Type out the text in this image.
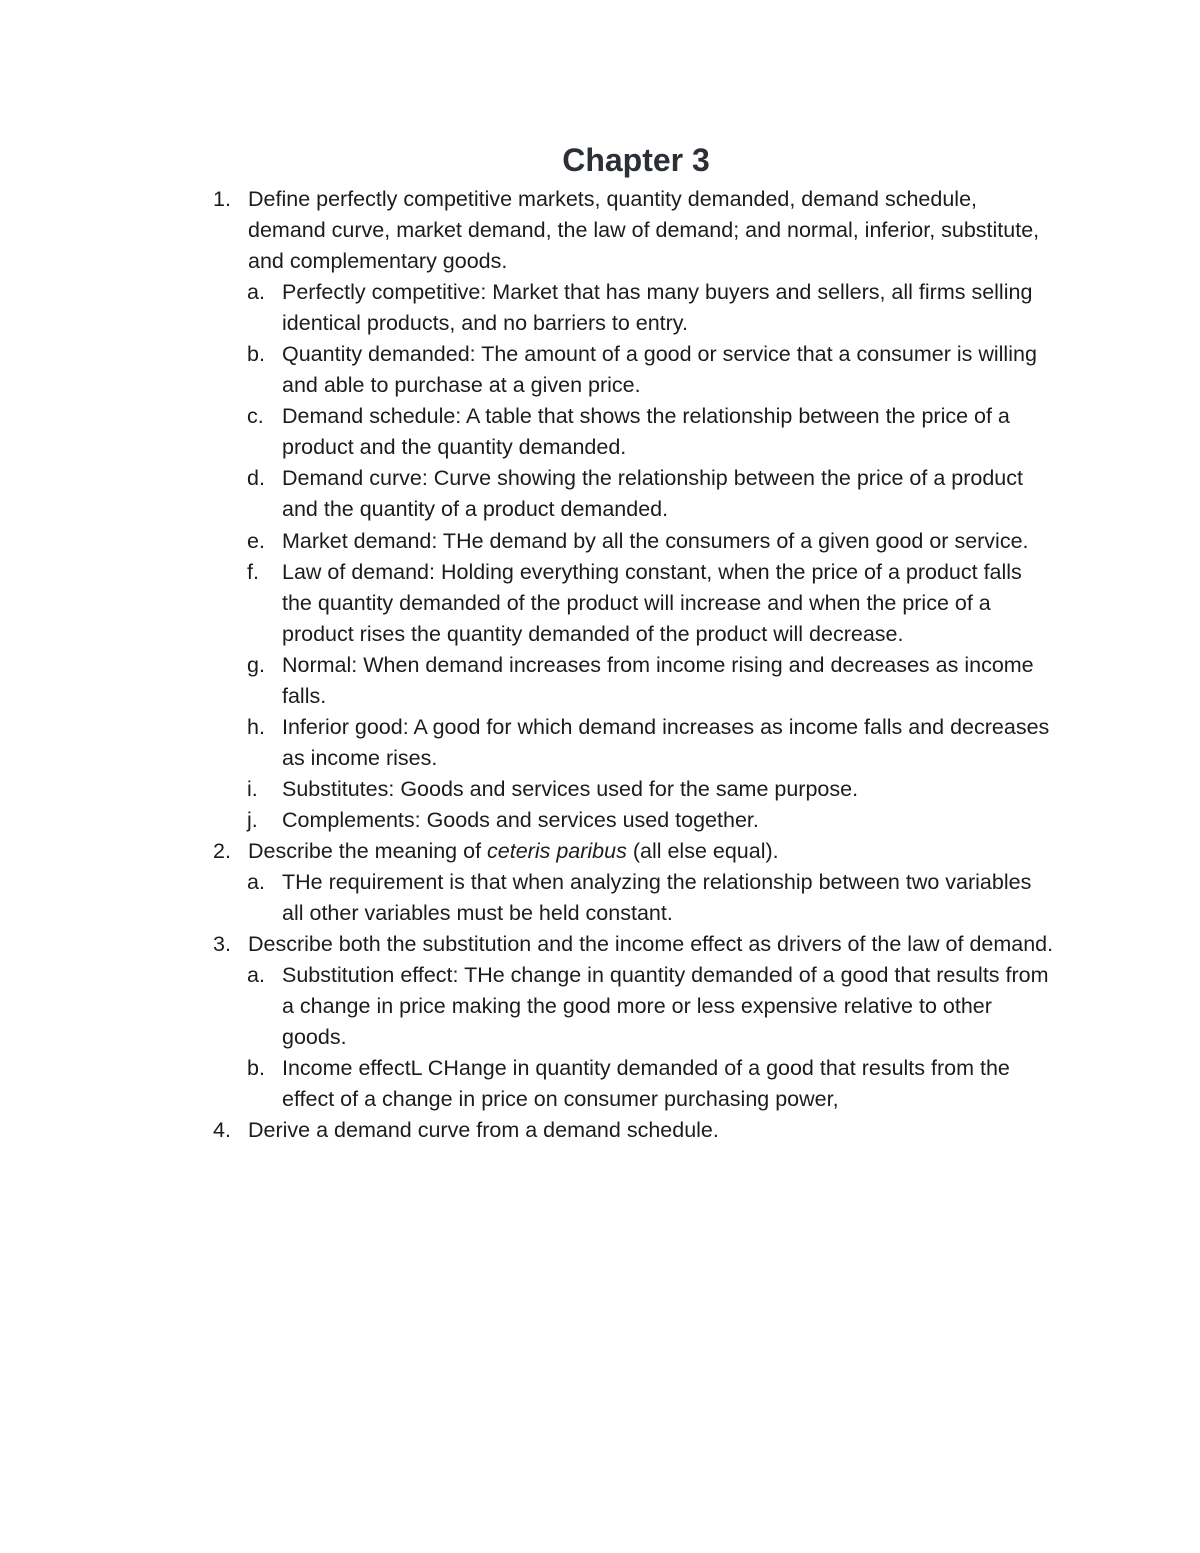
Chapter 3
1. Define perfectly competitive markets, quantity demanded, demand schedule, demand curve, market demand, the law of demand; and normal, inferior, substitute, and complementary goods.
a. Perfectly competitive: Market that has many buyers and sellers, all firms selling identical products, and no barriers to entry.
b. Quantity demanded: The amount of a good or service that a consumer is willing and able to purchase at a given price.
c. Demand schedule: A table that shows the relationship between the price of a product and the quantity demanded.
d. Demand curve: Curve showing the relationship between the price of a product and the quantity of a product demanded.
e. Market demand: THe demand by all the consumers of a given good or service.
f.	Law of demand: Holding everything constant, when the price of a product falls the quantity demanded of the product will increase and when the price of a product rises the quantity demanded of the product will decrease.
g. Normal: When demand increases from income rising and decreases as income falls.
h. Inferior good: A good for which demand increases as income falls and decreases as income rises.
i.	Substitutes: Goods and services used for the same purpose.
j.	Complements: Goods and services used together.
2. Describe the meaning of ceteris paribus (all else equal).
a. THe requirement is that when analyzing the relationship between two variables all other variables must be held constant.
3. Describe both the substitution and the income effect as drivers of the law of demand.
a. Substitution effect: THe change in quantity demanded of a good that results from a change in price making the good more or less expensive relative to other goods.
b. Income effectL CHange in quantity demanded of a good that results from the effect of a change in price on consumer purchasing power,
4. Derive a demand curve from a demand schedule.
